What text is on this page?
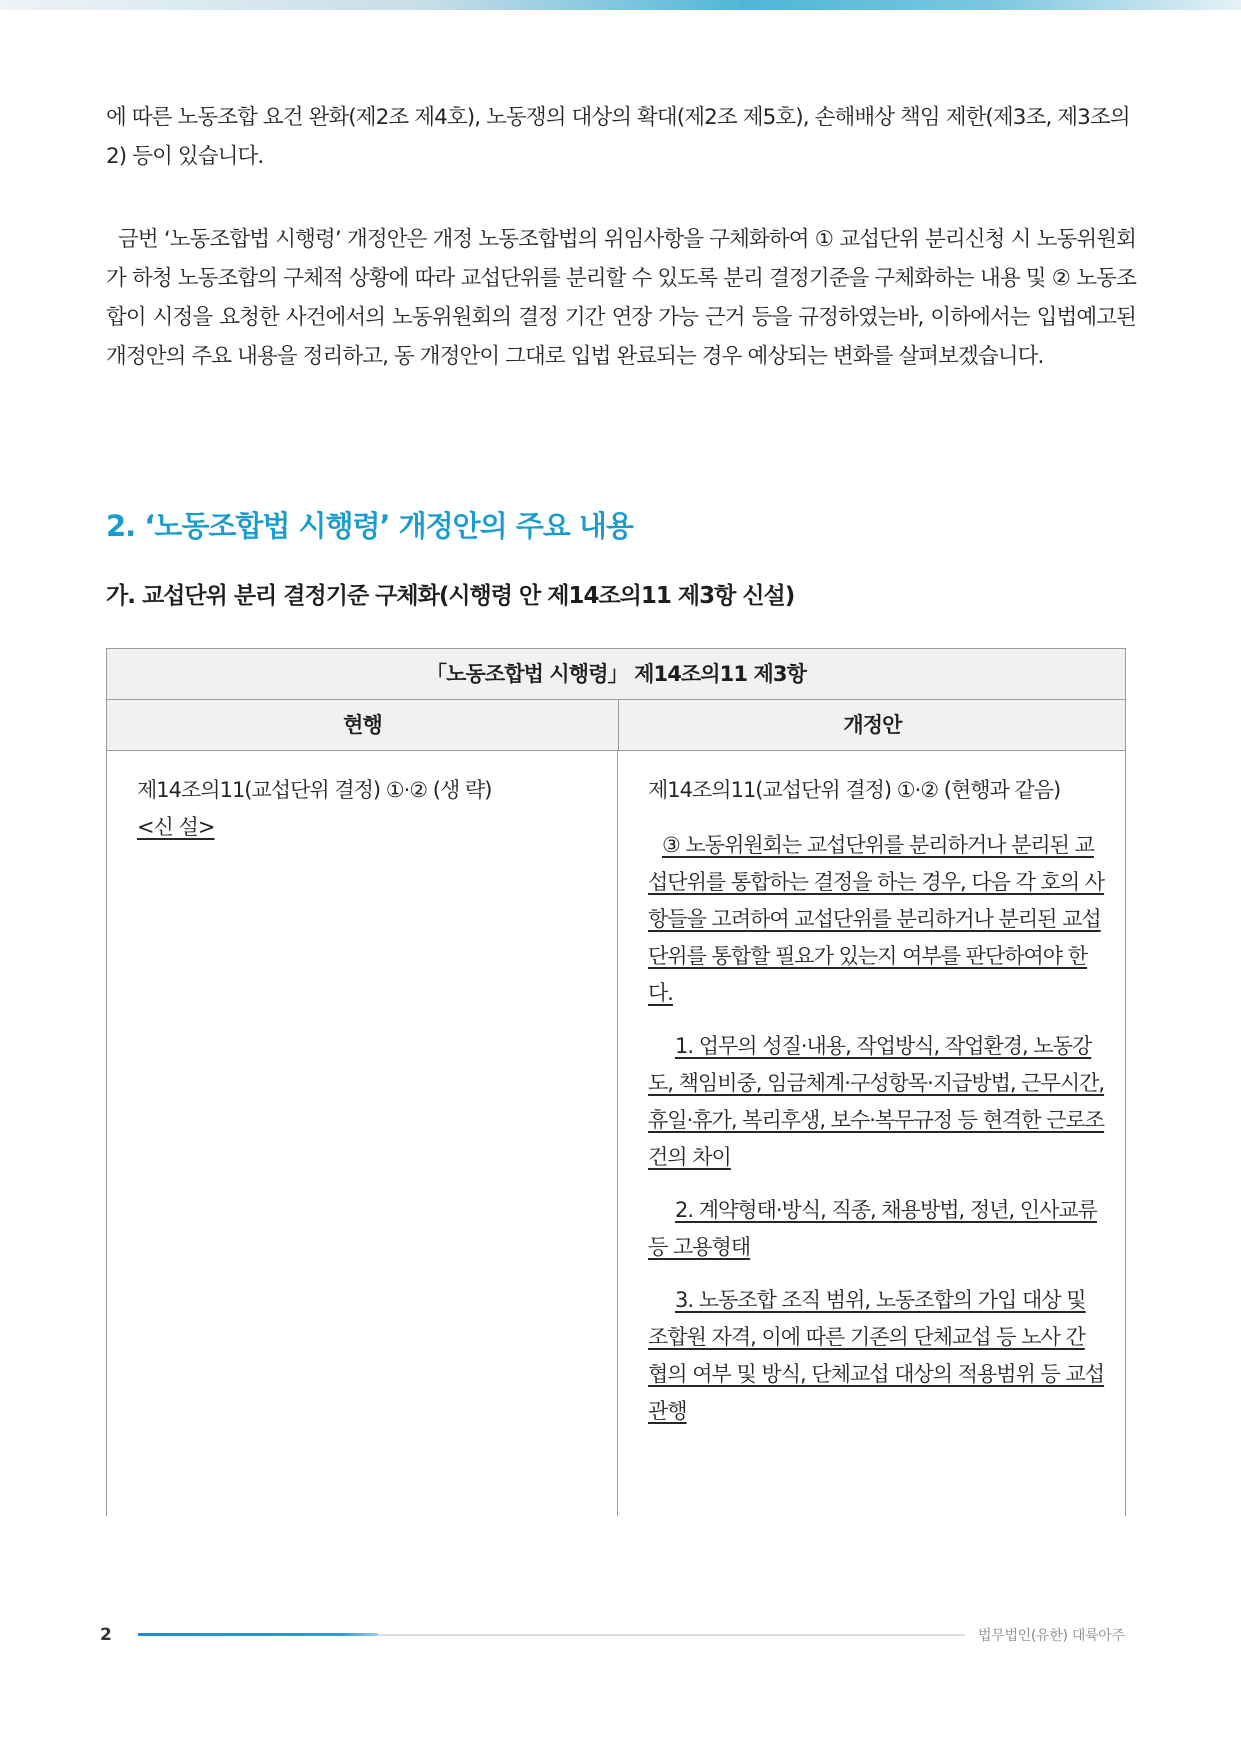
에 따른 노동조합 요건 완화(제2조 제4호), 노동쟁의 대상의 확대(제2조 제5호), 손해배상 책임 제한(제3조, 제3조의2) 등이 있습니다.

금번 ‘노동조합법 시행령’ 개정안은 개정 노동조합법의 위임사항을 구체화하여 ① 교섭단위 분리신청 시 노동위원회가 하청 노동조합의 구체적 상황에 따라 교섭단위를 분리할 수 있도록 분리 결정기준을 구체화하는 내용 및 ② 노동조합이 시정을 요청한 사건에서의 노동위원회의 결정 기간 연장 가능 근거 등을 규정하였는바, 이하에서는 입법예고된 개정안의 주요 내용을 정리하고, 동 개정안이 그대로 입법 완료되는 경우 예상되는 변화를 살펴보겠습니다.

2. ‘노동조합법 시행령’ 개정안의 주요 내용
가. 교섭단위 분리 결정기준 구체화(시행령 안 제14조의11 제3항 신설)
「노동조합법 시행령」 제14조의11 제3항
현행	개정안
제14조의11(교섭단위 결정) ①·② (생 략)
<신 설>
제14조의11(교섭단위 결정) ①·② (현행과 같음)
③ 노동위원회는 교섭단위를 분리하거나 분리된 교섭단위를 통합하는 결정을 하는 경우, 다음 각 호의 사항들을 고려하여 교섭단위를 분리하거나 분리된 교섭단위를 통합할 필요가 있는지 여부를 판단하여야 한다.
1. 업무의 성질·내용, 작업방식, 작업환경, 노동강도, 책임비중, 임금체계·구성항목·지급방법, 근무시간, 휴일·휴가, 복리후생, 보수·복무규정 등 현격한 근로조건의 차이
2. 계약형태·방식, 직종, 채용방법, 정년, 인사교류 등 고용형태
3. 노동조합 조직 범위, 노동조합의 가입 대상 및 조합원 자격, 이에 따른 기존의 단체교섭 등 노사 간 협의 여부 및 방식, 단체교섭 대상의 적용범위 등 교섭 관행
2	법무법인(유한) 대륙아주
